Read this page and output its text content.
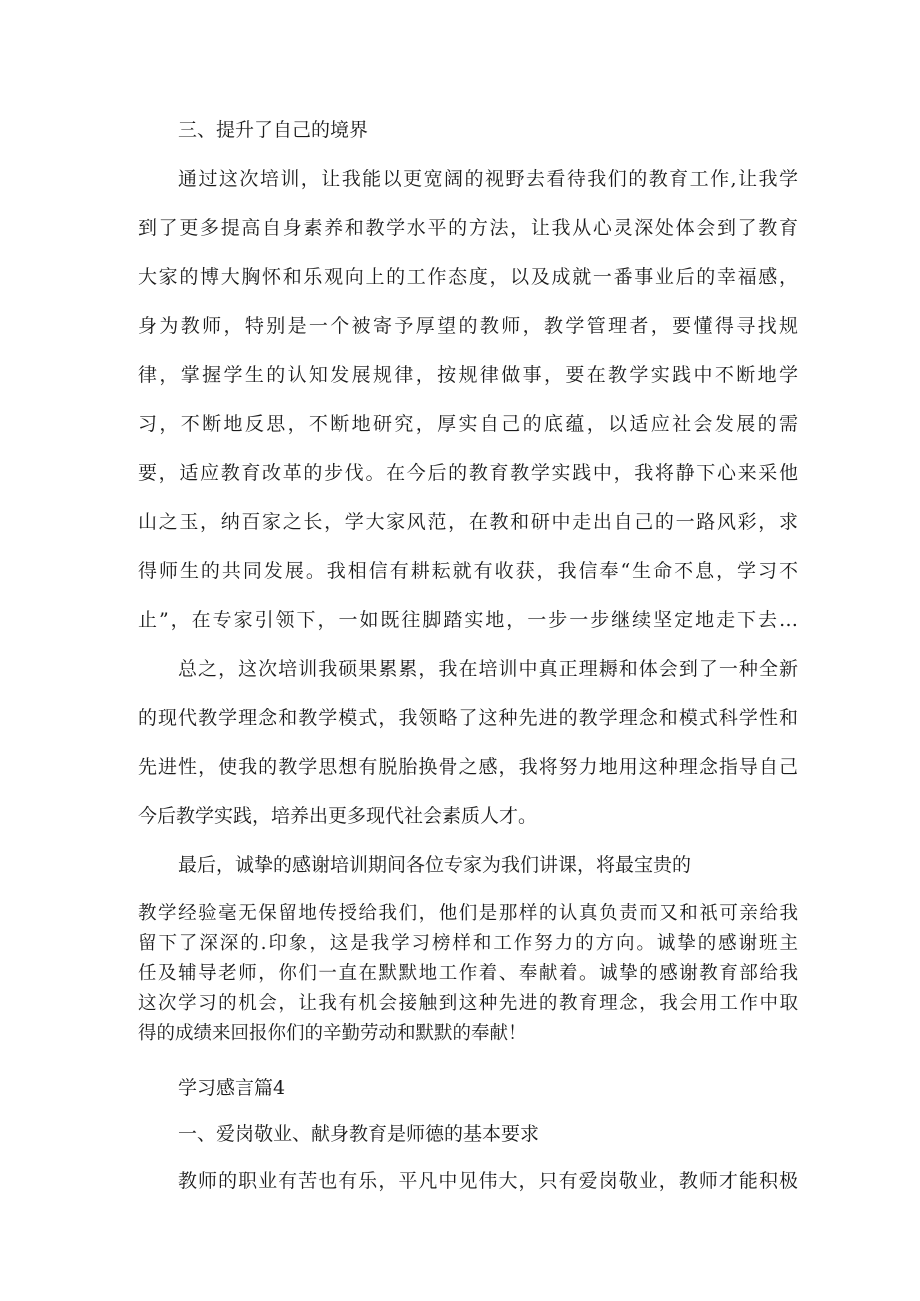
三、提升了自己的境界
通过这次培训，让我能以更宽阔的视野去看待我们的教育工作,让我学
到了更多提高自身素养和教学水平的方法，让我从心灵深处体会到了教育
大家的博大胸怀和乐观向上的工作态度，以及成就一番事业后的幸福感，
身为教师，特别是一个被寄予厚望的教师，教学管理者，要懂得寻找规
律，掌握学生的认知发展规律，按规律做事，要在教学实践中不断地学
习，不断地反思，不断地研究，厚实自己的底蕴，以适应社会发展的需
要，适应教育改革的步伐。在今后的教育教学实践中，我将静下心来采他
山之玉，纳百家之长，学大家风范，在教和研中走出自己的一路风彩，求
得师生的共同发展。我相信有耕耘就有收获，我信奉“生命不息，学习不
止”，在专家引领下，一如既往脚踏实地，一步一步继续坚定地走下去…
总之，这次培训我硕果累累，我在培训中真正理耨和体会到了一种全新
的现代教学理念和教学模式，我领略了这种先进的教学理念和模式科学性和
先进性，使我的教学思想有脱胎换骨之感，我将努力地用这种理念指导自己
今后教学实践，培养出更多现代社会素质人才。
最后，诚挚的感谢培训期间各位专家为我们讲课，将最宝贵的
教学经验毫无保留地传授给我们，他们是那样的认真负责而又和祇可亲给我
留下了深深的.印象，这是我学习榜样和工作努力的方向。诚挚的感谢班主
任及辅导老师，你们一直在默默地工作着、奉献着。诚挚的感谢教育部给我
这次学习的机会，让我有机会接触到这种先进的教育理念，我会用工作中取
得的成绩来回报你们的辛勤劳动和默默的奉献！
学习感言篇4
一、爱岗敬业、献身教育是师德的基本要求
教师的职业有苦也有乐，平凡中见伟大，只有爱岗敬业，教师才能积极
